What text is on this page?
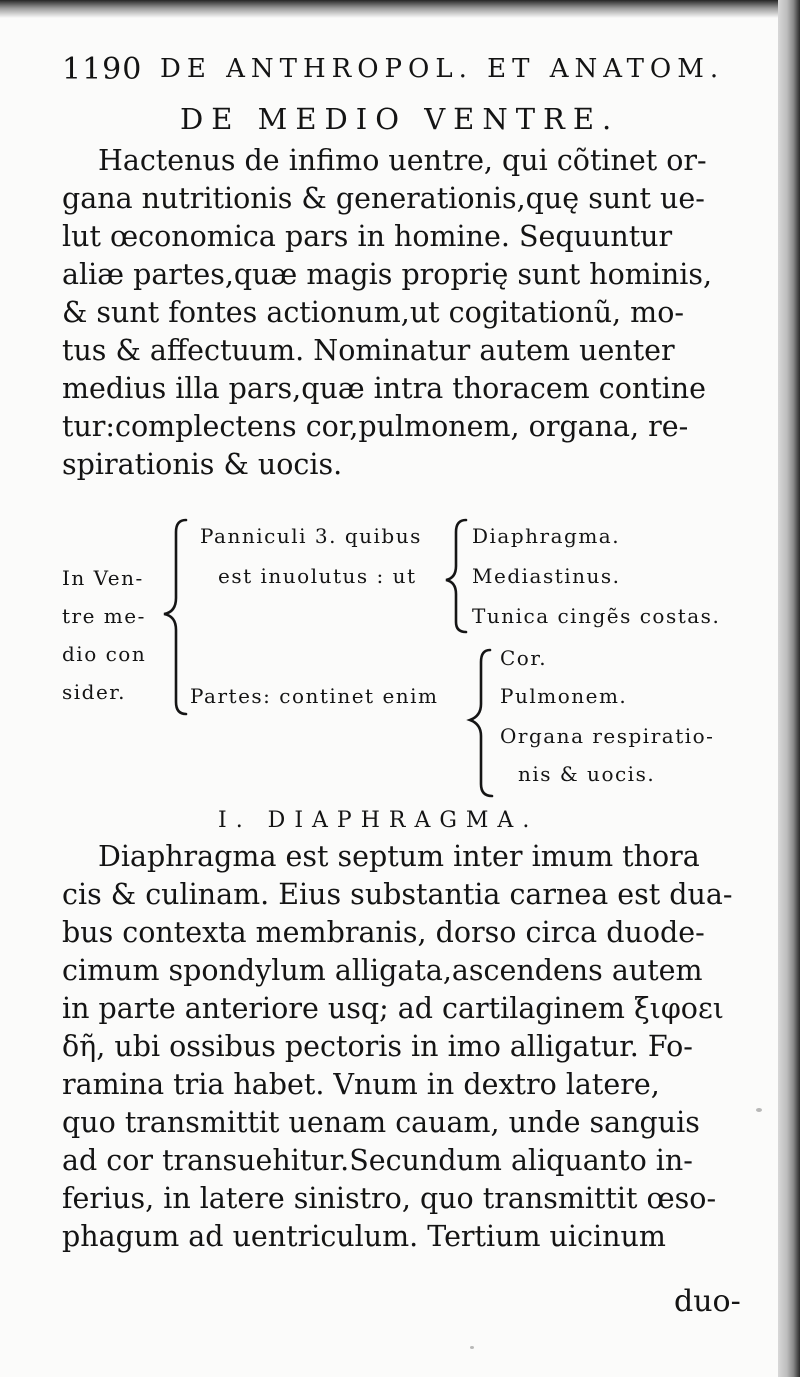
1190 DE ANTHROPOL. ET ANATOM.
DE MEDIO VENTRE.
Hactenus de infimo uentre, qui cõtinet or-
gana nutritionis & generationis,quę sunt ue-
lut œconomica pars in homine. Sequuntur
aliæ partes,quæ magis proprię sunt hominis,
& sunt fontes actionum,ut cogitationũ, mo-
tus & affectuum. Nominatur autem uenter
medius illa pars,quæ intra thoracem contine
tur:complectens cor,pulmonem, organa, re-
spirationis & uocis.
In Ven-
tre me-
dio con
sider.
Panniculi 3. quibus
est inuolutus : ut
Diaphragma.
Mediastinus.
Tunica cingẽs costas.
Partes: continet enim
Cor.
Pulmonem.
Organa respiratio-
nis & uocis.
I. DIAPHRAGMA.
Diaphragma est septum inter imum thora
cis & culinam. Eius substantia carnea est dua-
bus contexta membranis, dorso circa duode-
cimum spondylum alligata,ascendens autem
in parte anteriore usq; ad cartilaginem ξιφοει
δῆ, ubi ossibus pectoris in imo alligatur. Fo-
ramina tria habet. Vnum in dextro latere,
quo transmittit uenam cauam, unde sanguis
ad cor transuehitur.Secundum aliquanto in-
ferius, in latere sinistro, quo transmittit œso-
phagum ad uentriculum. Tertium uicinum
duo-
